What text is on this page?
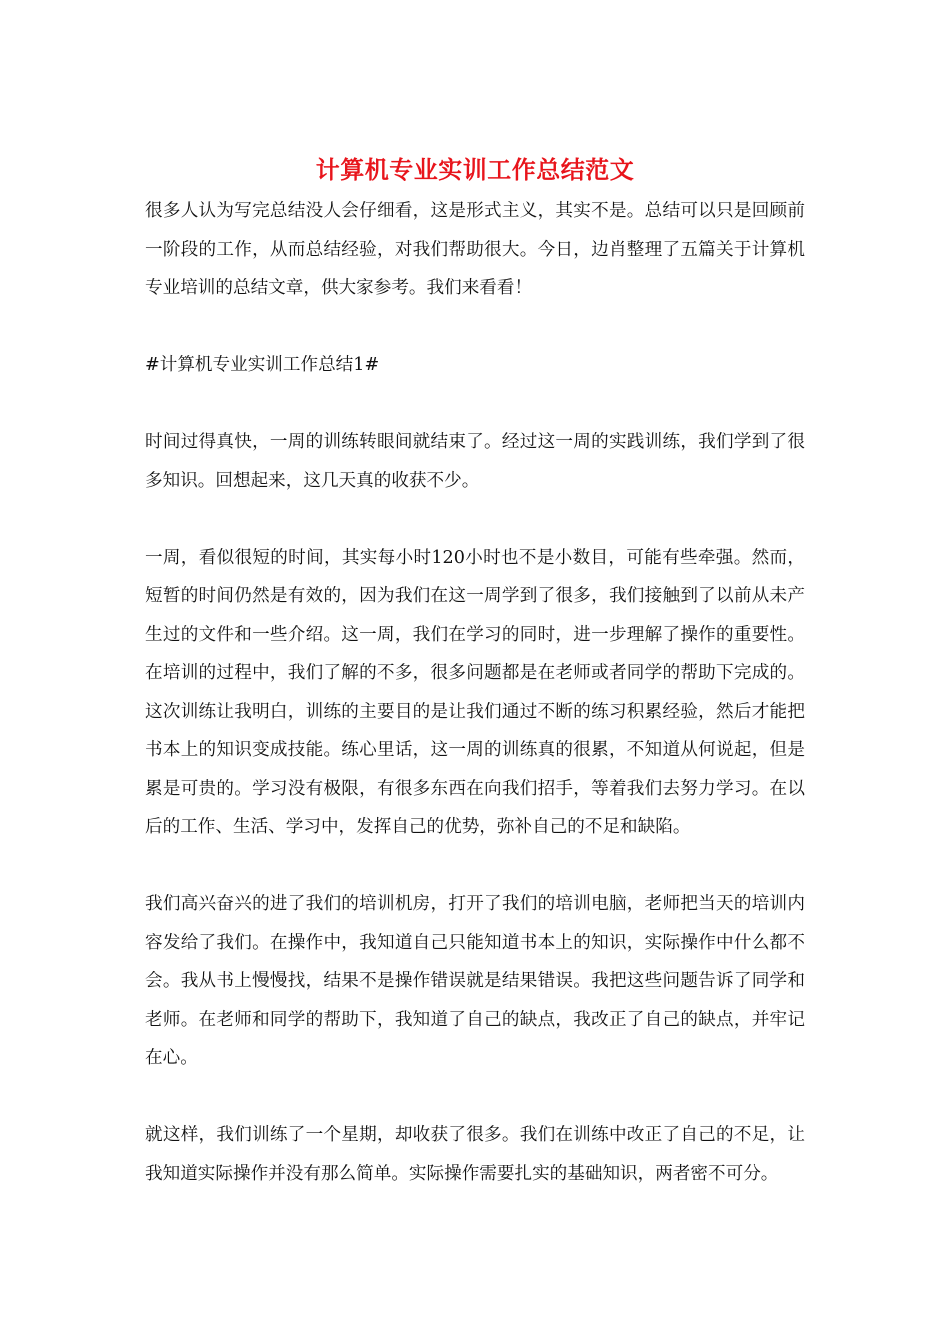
计算机专业实训工作总结范文

很多人认为写完总结没人会仔细看，这是形式主义，其实不是。总结可以只是回顾前一阶段的工作，从而总结经验，对我们帮助很大。今日，边肖整理了五篇关于计算机专业培训的总结文章，供大家参考。我们来看看！

#计算机专业实训工作总结1#

时间过得真快，一周的训练转眼间就结束了。经过这一周的实践训练，我们学到了很多知识。回想起来，这几天真的收获不少。

一周，看似很短的时间，其实每小时120小时也不是小数目，可能有些牵强。然而，短暂的时间仍然是有效的，因为我们在这一周学到了很多，我们接触到了以前从未产生过的文件和一些介绍。这一周，我们在学习的同时，进一步理解了操作的重要性。在培训的过程中，我们了解的不多，很多问题都是在老师或者同学的帮助下完成的。这次训练让我明白，训练的主要目的是让我们通过不断的练习积累经验，然后才能把书本上的知识变成技能。练心里话，这一周的训练真的很累，不知道从何说起，但是累是可贵的。学习没有极限，有很多东西在向我们招手，等着我们去努力学习。在以后的工作、生活、学习中，发挥自己的优势，弥补自己的不足和缺陷。

我们高兴奋兴的进了我们的培训机房，打开了我们的培训电脑，老师把当天的培训内容发给了我们。在操作中，我知道自己只能知道书本上的知识，实际操作中什么都不会。我从书上慢慢找，结果不是操作错误就是结果错误。我把这些问题告诉了同学和老师。在老师和同学的帮助下，我知道了自己的缺点，我改正了自己的缺点，并牢记在心。

就这样，我们训练了一个星期，却收获了很多。我们在训练中改正了自己的不足，让我知道实际操作并没有那么简单。实际操作需要扎实的基础知识，两者密不可分。
